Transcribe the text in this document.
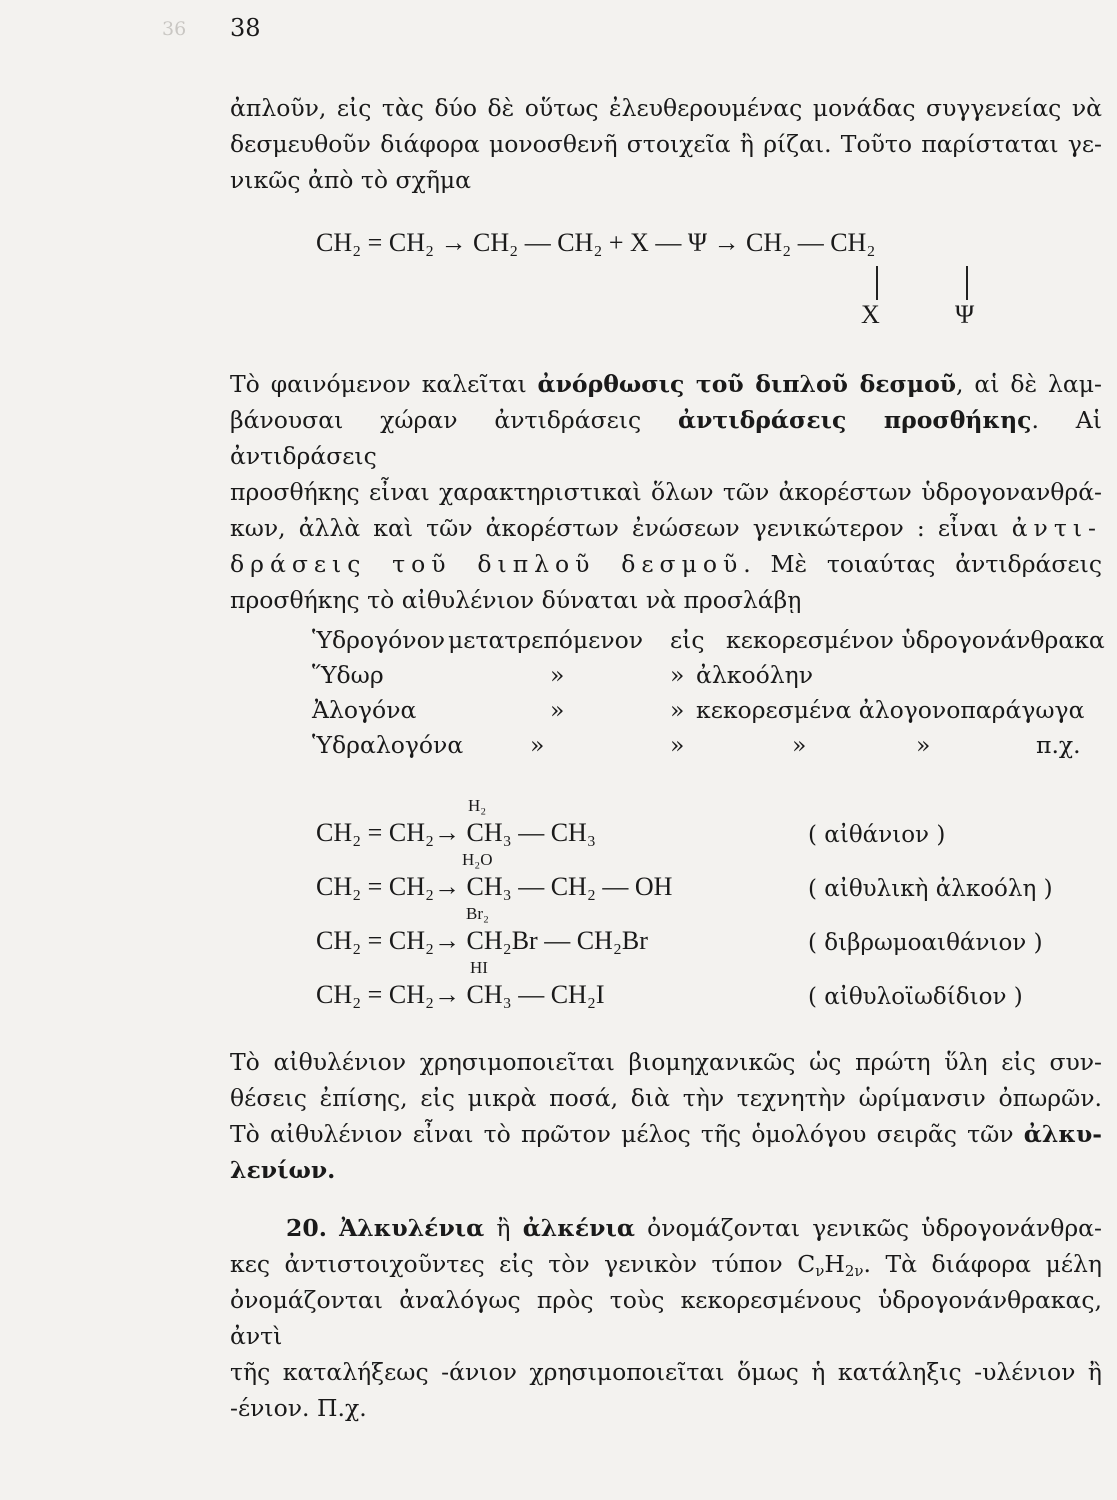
36 38
ἀπλοῦν, εἰς τὰς δύο δὲ οὕτως ἐλευθερουμένας μονάδας συγγενείας νὰ
δεσμευθοῦν διάφορα μονοσθενῆ στοιχεῖα ἢ ρίζαι. Τοῦτο παρίσταται γε-
νικῶς ἀπὸ τὸ σχῆμα
CH₂ = CH₂ → CH₂ — CH₂ + X — Ψ → CH₂ — CH₂
X	Ψ
Τὸ φαινόμενον καλεῖται ἀνόρθωσις τοῦ διπλοῦ δεσμοῦ, αἱ δὲ λαμ-
βάνουσαι χώραν ἀντιδράσεις ἀντιδράσεις προσθήκης. Αἱ ἀντιδράσεις
προσθήκης εἶναι χαρακτηριστικαὶ ὅλων τῶν ἀκορέστων ὑδρογονανθρά-
κων, ἀλλὰ καὶ τῶν ἀκορέστων ἐνώσεων γενικώτερον : εἶναι ἀντι-
δράσεις τοῦ διπλοῦ δεσμοῦ. Μὲ τοιαύτας ἀντιδράσεις
προσθήκης τὸ αἰθυλένιον δύναται νὰ προσλάβῃ
Ὑδρογόνον μετατρεπόμενον εἰς κεκορεσμένον ὑδρογονάνθρακα
Ὕδωρ	»	» ἀλκοόλην
Ἀλογόνα	»	» κεκορεσμένα ἀλογονοπαράγωγα
Ὑδραλογόνα	»	»	»	»	π.χ.
H₂
CH₂ = CH₂→ CH₃ — CH₃	( αἰθάνιον )
H₂O
CH₂ = CH₂→ CH₃ — CH₂ — OH	( αἰθυλικὴ ἀλκοόλη )
Br₂
CH₂ = CH₂→ CH₂Br — CH₂Br	( διβρωμοαιθάνιον )
HI
CH₂ = CH₂→ CH₃ — CH₂I	( αἰθυλοϊωδίδιον )
Τὸ αἰθυλένιον χρησιμοποιεῖται βιομηχανικῶς ὡς πρώτη ὕλη εἰς συν-
θέσεις ἐπίσης, εἰς μικρὰ ποσά, διὰ τὴν τεχνητὴν ὡρίμανσιν ὀπωρῶν.
Τὸ αἰθυλένιον εἶναι τὸ πρῶτον μέλος τῆς ὁμολόγου σειρᾶς τῶν ἀλκυ-
λενίων.
20. Ἀλκυλένια ἢ ἀλκένια ὀνομάζονται γενικῶς ὑδρογονάνθρα-
κες ἀντιστοιχοῦντες εἰς τὸν γενικὸν τύπον $C_\nu H_{2\nu}$. Τὰ διάφορα μέλη
ὀνομάζονται ἀναλόγως πρὸς τοὺς κεκορεσμένους ὑδρογονάνθρακας, ἀντὶ
τῆς καταλήξεως -άνιον χρησιμοποιεῖται ὅμως ἡ κατάληξις -υλένιον ἢ
-ένιον. Π.χ.
